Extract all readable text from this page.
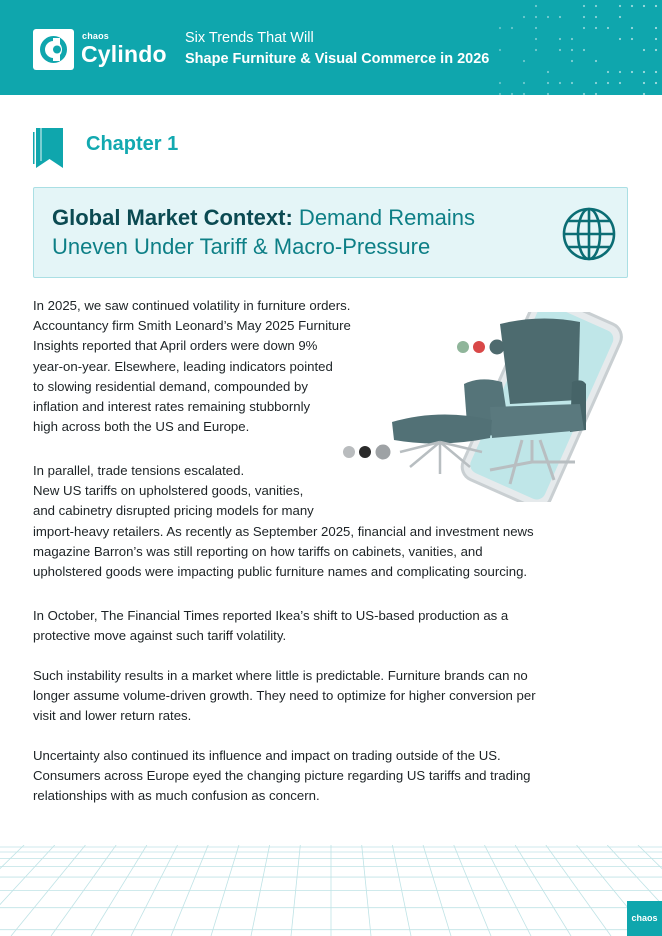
chaos
Cylindo
Six Trends That Will
Shape Furniture & Visual Commerce in 2026
Chapter 1
Global Market Context: Demand Remains
Uneven Under Tariff & Macro-Pressure
In 2025, we saw continued volatility in furniture orders.
Accountancy firm Smith Leonard’s May 2025 Furniture
Insights reported that April orders were down 9%
year-on-year. Elsewhere, leading indicators pointed
to slowing residential demand, compounded by
inflation and interest rates remaining stubbornly
high across both the US and Europe.
In parallel, trade tensions escalated.
New US tariffs on upholstered goods, vanities,
and cabinetry disrupted pricing models for many
import-heavy retailers. As recently as September 2025, financial and investment news
magazine Barron’s was still reporting on how tariffs on cabinets, vanities, and
upholstered goods were impacting public furniture names and complicating sourcing.
In October, The Financial Times reported Ikea’s shift to US-based production as a
protective move against such tariff volatility.
Such instability results in a market where little is predictable. Furniture brands can no
longer assume volume-driven growth. They need to optimize for higher conversion per
visit and lower return rates.
Uncertainty also continued its influence and impact on trading outside of the US.
Consumers across Europe eyed the changing picture regarding US tariffs and trading
relationships with as much confusion as concern.
chaos
